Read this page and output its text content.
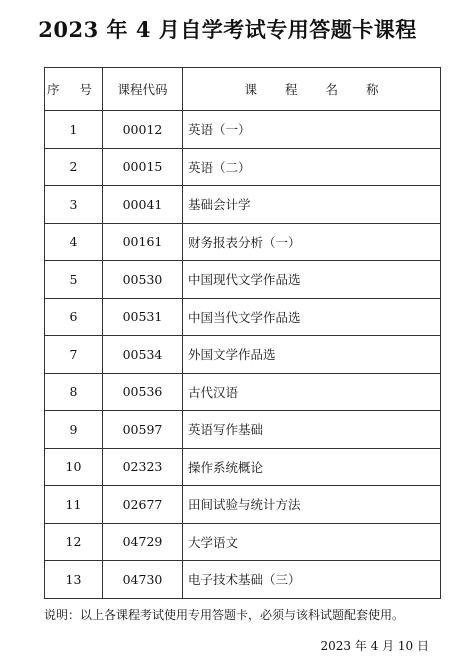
2023 年 4 月自学考试专用答题卡课程
序 号	课程代码	课 程 名 称
1	00012	英语（一）
2	00015	英语（二）
3	00041	基础会计学
4	00161	财务报表分析（一）
5	00530	中国现代文学作品选
6	00531	中国当代文学作品选
7	00534	外国文学作品选
8	00536	古代汉语
9	00597	英语写作基础
10	02323	操作系统概论
11	02677	田间试验与统计方法
12	04729	大学语文
13	04730	电子技术基础（三）
说明：以上各课程考试使用专用答题卡，必须与该科试题配套使用。
2023 年 4 月 10 日
